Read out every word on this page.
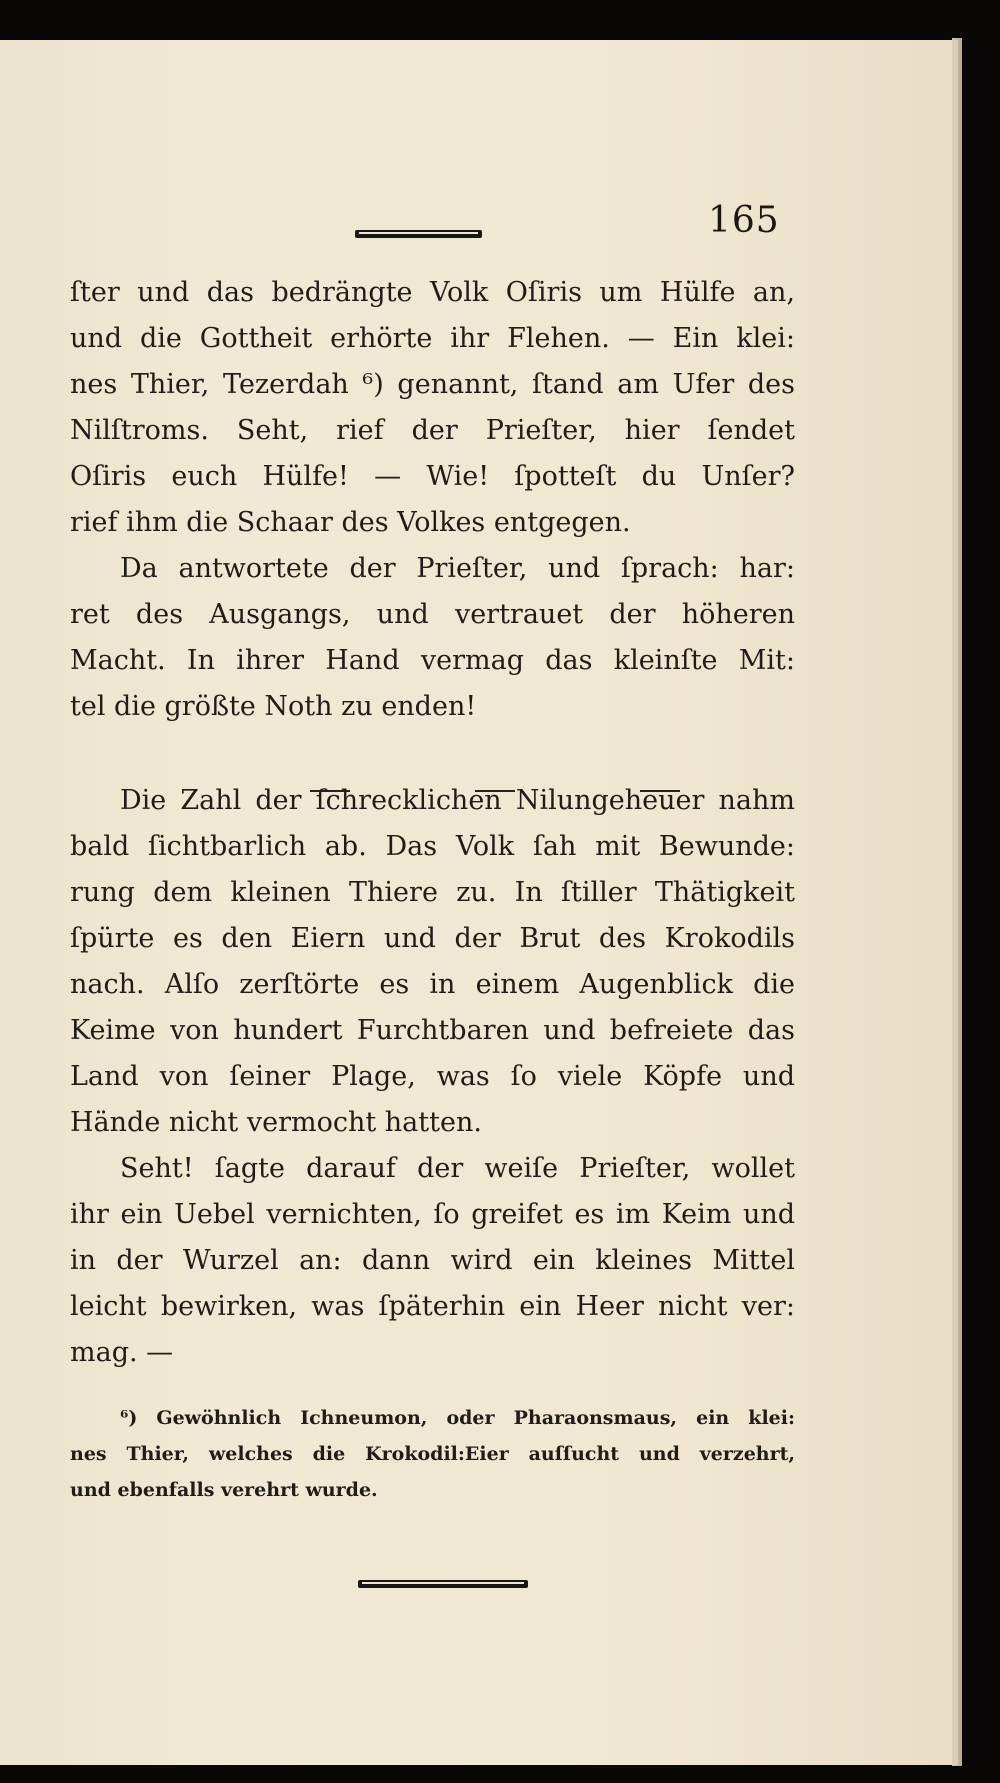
165
ſter und das bedrängte Volk Oſiris um Hülfe an,
und die Gottheit erhörte ihr Flehen. — Ein klei:
nes Thier, Tezerdah ⁶) genannt, ſtand am Ufer des
Nilſtroms. Seht, rief der Prieſter, hier ſendet
Oſiris euch Hülfe! — Wie! ſpotteſt du Unſer?
rief ihm die Schaar des Volkes entgegen.
Da antwortete der Prieſter, und ſprach: har:
ret des Ausgangs, und vertrauet der höheren
Macht. In ihrer Hand vermag das kleinſte Mit:
tel die größte Noth zu enden!
Die Zahl der ſchrecklichen Nilungeheuer nahm
bald ſichtbarlich ab. Das Volk ſah mit Bewunde:
rung dem kleinen Thiere zu. In ſtiller Thätigkeit
ſpürte es den Eiern und der Brut des Krokodils
nach. Alſo zerſtörte es in einem Augenblick die
Keime von hundert Furchtbaren und befreiete das
Land von ſeiner Plage, was ſo viele Köpfe und
Hände nicht vermocht hatten.
Seht! ſagte darauf der weiſe Prieſter, wollet
ihr ein Uebel vernichten, ſo greifet es im Keim und
in der Wurzel an: dann wird ein kleines Mittel
leicht bewirken, was ſpäterhin ein Heer nicht ver:
mag. —
⁶) Gewöhnlich Ichneumon, oder Pharaonsmaus, ein klei:
nes Thier, welches die Krokodil:Eier auſſucht und verzehrt,
und ebenfalls verehrt wurde.
